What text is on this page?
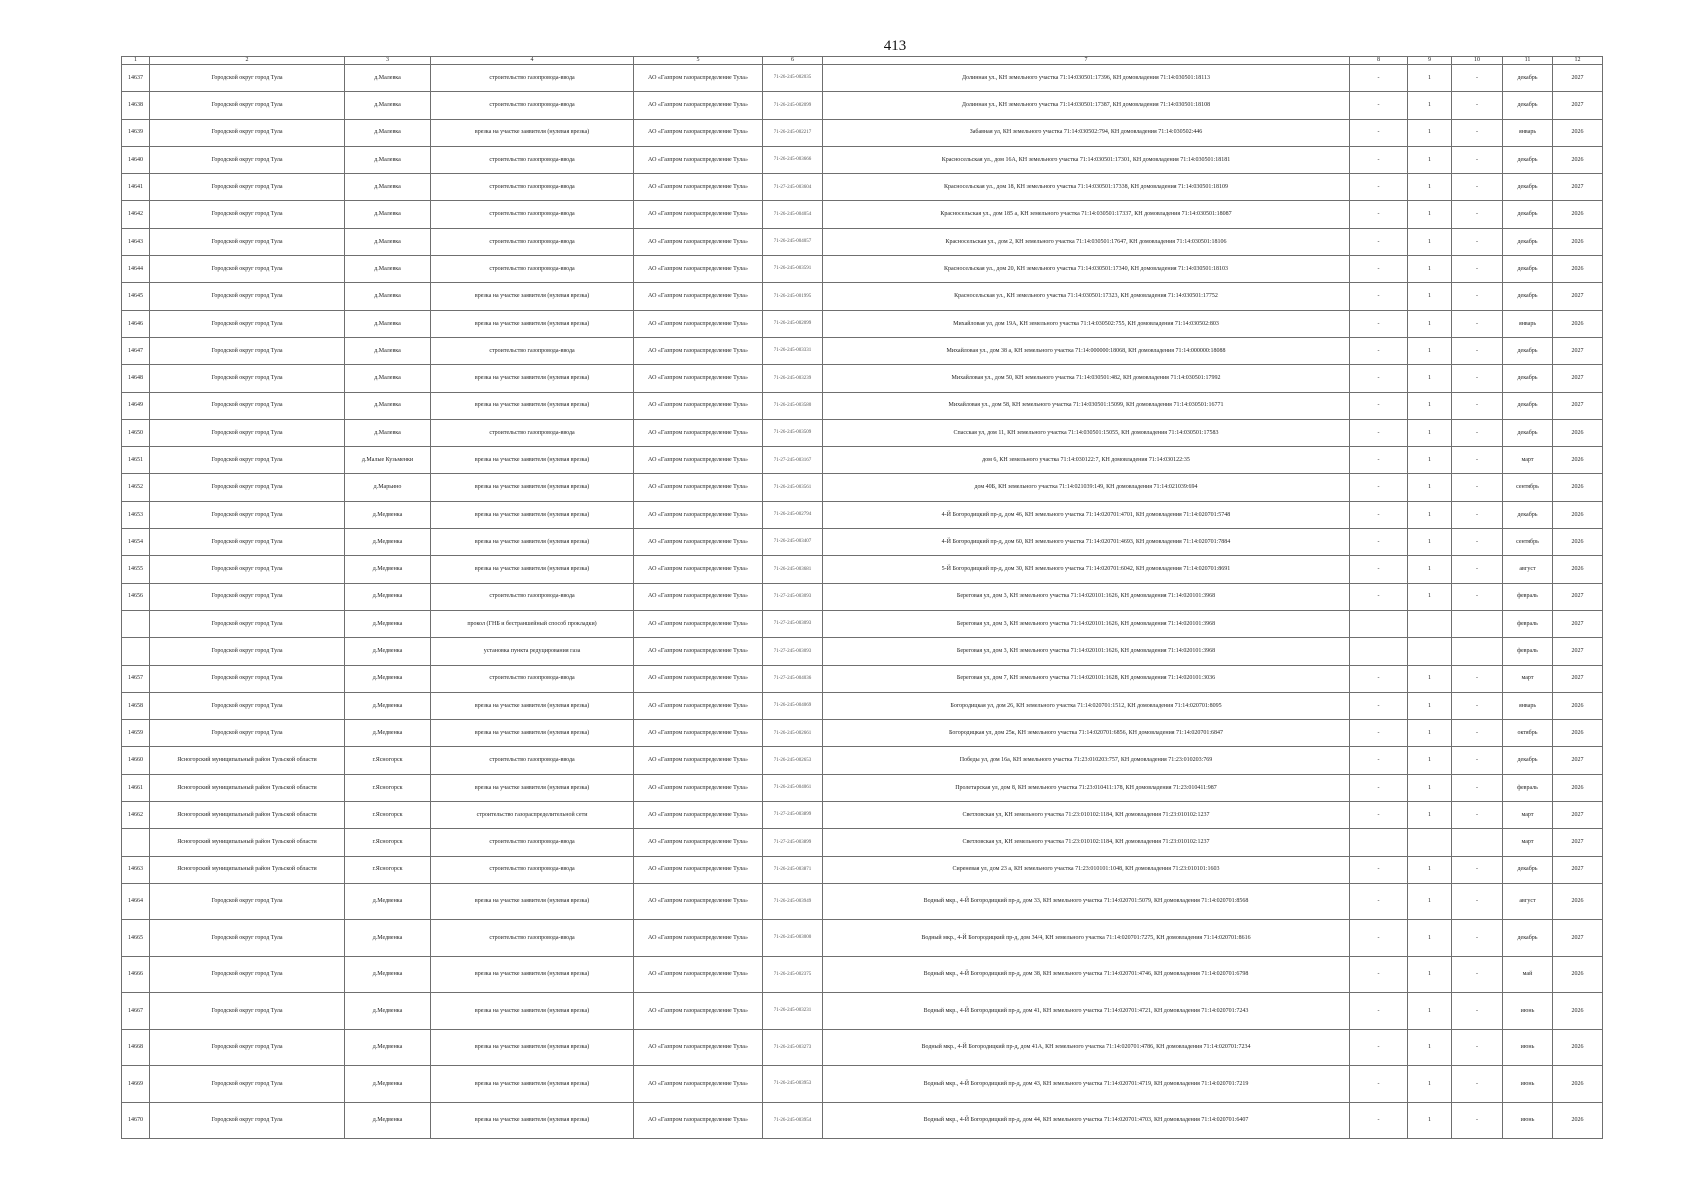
413
1	2	3	4	5	6	7	8	9	10	11	12
14637	Городской округ город Тула	д.Малевка	строительство газопровода-ввода	АО «Газпром газораспределение Тула»	71-26-245-002035	Долинная ул., КН земельного участка 71:14:030501:17396, КН домовладения 71:14:030501:18113	-	1	-	декабрь	2027
14638	Городской округ город Тула	д.Малевка	строительство газопровода-ввода	АО «Газпром газораспределение Тула»	71-26-245-002099	Долинная ул., КН земельного участка 71:14:030501:17387, КН домовладения 71:14:030501:18108	-	1	-	декабрь	2027
14639	Городской округ город Тула	д.Малевка	врезка на участке заявителя (нулевая врезка)	АО «Газпром газораспределение Тула»	71-26-245-002217	Забавная ул, КН земельного участка 71:14:030502:794, КН домовладения 71:14:030502:446	-	1	-	январь	2026
14640	Городской округ город Тула	д.Малевка	строительство газопровода-ввода	АО «Газпром газораспределение Тула»	71-26-245-003666	Красносельская ул., дом 16А, КН земельного участка 71:14:030501:17301, КН домовладения 71:14:030501:18181	-	1	-	декабрь	2026
14641	Городской округ город Тула	д.Малевка	строительство газопровода-ввода	АО «Газпром газораспределение Тула»	71-27-245-003604	Красносельская ул., дом 18, КН земельного участка 71:14:030501:17338, КН домовладения 71:14:030501:18109	-	1	-	декабрь	2027
14642	Городской округ город Тула	д.Малевка	строительство газопровода-ввода	АО «Газпром газораспределение Тула»	71-26-245-004054	Красносельская ул., дом 185 а, КН земельного участка 71:14:030501:17337, КН домовладения 71:14:030501:18087	-	1	-	декабрь	2026
14643	Городской округ город Тула	д.Малевка	строительство газопровода-ввода	АО «Газпром газораспределение Тула»	71-26-245-004057	Красносельская ул., дом 2, КН земельного участка 71:14:030501:17647, КН домовладения 71:14:030501:18106	-	1	-	декабрь	2026
14644	Городской округ город Тула	д.Малевка	строительство газопровода-ввода	АО «Газпром газораспределение Тула»	71-26-245-003591	Красносельская ул., дом 20, КН земельного участка 71:14:030501:17340, КН домовладения 71:14:030501:18103	-	1	-	декабрь	2026
14645	Городской округ город Тула	д.Малевка	врезка на участке заявителя (нулевая врезка)	АО «Газпром газораспределение Тула»	71-26-245-001995	Красносельская ул., КН земельного участка 71:14:030501:17323, КН домовладения 71:14:030501:17752	-	1	-	декабрь	2027
14646	Городской округ город Тула	д.Малевка	врезка на участке заявителя (нулевая врезка)	АО «Газпром газораспределение Тула»	71-26-245-002099	Михайловая ул, дом 19А, КН земельного участка 71:14:030502:755, КН домовладения 71:14:030502:803	-	1	-	январь	2026
14647	Городской округ город Тула	д.Малевка	строительство газопровода-ввода	АО «Газпром газораспределение Тула»	71-26-245-003331	Михайловая ул., дом 38 а, КН земельного участка 71:14:000000:18068, КН домовладения 71:14:000000:18088	-	1	-	декабрь	2027
14648	Городской округ город Тула	д.Малевка	врезка на участке заявителя (нулевая врезка)	АО «Газпром газораспределение Тула»	71-26-245-003239	Михайловая ул., дом 50, КН земельного участка 71:14:030501:482, КН домовладения 71:14:030501:17992	-	1	-	декабрь	2027
14649	Городской округ город Тула	д.Малевка	врезка на участке заявителя (нулевая врезка)	АО «Газпром газораспределение Тула»	71-26-245-003580	Михайловая ул., дом 58, КН земельного участка 71:14:030501:15099, КН домовладения 71:14:030501:16771	-	1	-	декабрь	2027
14650	Городской округ город Тула	д.Малевка	строительство газопровода-ввода	АО «Газпром газораспределение Тула»	71-26-245-003509	Спасская ул, дом 11, КН земельного участка 71:14:030501:15055, КН домовладения 71:14:030501:17583	-	1	-	декабрь	2026
14651	Городской округ город Тула	д.Малые Кузьменки	врезка на участке заявителя (нулевая врезка)	АО «Газпром газораспределение Тула»	71-27-245-003167	дом 6, КН земельного участка 71:14:030122:7, КН домовладения 71:14:030122:35	-	1	-	март	2026
14652	Городской округ город Тула	д.Марьино	врезка на участке заявителя (нулевая врезка)	АО «Газпром газораспределение Тула»	71-26-245-003561	дом 40Б, КН земельного участка 71:14:021039:149, КН домовладения 71:14:021039:694	-	1	-	сентябрь	2026
14653	Городской округ город Тула	д.Медвенка	врезка на участке заявителя (нулевая врезка)	АО «Газпром газораспределение Тула»	71-26-245-002794	4-Й Богородицкий пр-д, дом 46, КН земельного участка 71:14:020701:4701, КН домовладения 71:14:020701:5748	-	1	-	декабрь	2026
14654	Городской округ город Тула	д.Медвенка	врезка на участке заявителя (нулевая врезка)	АО «Газпром газораспределение Тула»	71-26-245-003407	4-Й Богородицкий пр-д, дом 60, КН земельного участка 71:14:020701:4693, КН домовладения 71:14:020701:7884	-	1	-	сентябрь	2026
14655	Городской округ город Тула	д.Медвенка	врезка на участке заявителя (нулевая врезка)	АО «Газпром газораспределение Тула»	71-26-245-003681	5-Й Богородицкий пр-д, дом 30, КН земельного участка 71:14:020701:6042, КН домовладения 71:14:020701:8691	-	1	-	август	2026
14656	Городской округ город Тула	д.Медвенка	строительство газопровода-ввода	АО «Газпром газораспределение Тула»	71-27-245-003093	Береговая ул, дом 3, КН земельного участка 71:14:020101:1626, КН домовладения 71:14:020101:3968	-	1	-	февраль	2027
	Городской округ город Тула	д.Медвенка	прокол (ГНБ и бестраншейный способ прокладки)	АО «Газпром газораспределение Тула»	71-27-245-003093	Береговая ул, дом 3, КН земельного участка 71:14:020101:1626, КН домовладения 71:14:020101:3968				февраль	2027
	Городской округ город Тула	д.Медвенка	установка пункта редуцирования газа	АО «Газпром газораспределение Тула»	71-27-245-003093	Береговая ул, дом 3, КН земельного участка 71:14:020101:1626, КН домовладения 71:14:020101:3968				февраль	2027
14657	Городской округ город Тула	д.Медвенка	строительство газопровода-ввода	АО «Газпром газораспределение Тула»	71-27-245-004036	Береговая ул, дом 7, КН земельного участка 71:14:020101:1628, КН домовладения 71:14:020101:3036	-	1	-	март	2027
14658	Городской округ город Тула	д.Медвенка	врезка на участке заявителя (нулевая врезка)	АО «Газпром газораспределение Тула»	71-26-245-004069	Богородицкая ул, дом 26, КН земельного участка 71:14:020701:1512, КН домовладения 71:14:020701:8095	-	1	-	январь	2026
14659	Городской округ город Тула	д.Медвенка	врезка на участке заявителя (нулевая врезка)	АО «Газпром газораспределение Тула»	71-26-245-002661	Богородицкая ул, дом 25к, КН земельного участка 71:14:020701:6856, КН домовладения 71:14:020701:6847	-	1	-	октябрь	2026
14660	Ясногорский муниципальный район Тульской области	г.Ясногорск	строительство газопровода-ввода	АО «Газпром газораспределение Тула»	71-26-245-002653	Победы ул, дом 16а, КН земельного участка 71:23:010203:757, КН домовладения 71:23:010203:769	-	1	-	декабрь	2027
14661	Ясногорский муниципальный район Тульской области	г.Ясногорск	врезка на участке заявителя (нулевая врезка)	АО «Газпром газораспределение Тула»	71-26-245-004061	Пролетарская ул, дом 8, КН земельного участка 71:23:010411:178, КН домовладения 71:23:010411:987	-	1	-	февраль	2026
14662	Ясногорский муниципальный район Тульской области	г.Ясногорск	строительство газораспределительной сети	АО «Газпром газораспределение Тула»	71-27-245-003899	Светловская ул, КН земельного участка 71:23:010102:1184, КН домовладения 71:23:010102:1237	-	1	-	март	2027
	Ясногорский муниципальный район Тульской области	г.Ясногорск	строительство газопровода-ввода	АО «Газпром газораспределение Тула»	71-27-245-003899	Светловская ул, КН земельного участка 71:23:010102:1184, КН домовладения 71:23:010102:1237				март	2027
14663	Ясногорский муниципальный район Тульской области	г.Ясногорск	строительство газопровода-ввода	АО «Газпром газораспределение Тула»	71-26-245-003871	Сиреневая ул, дом 23 а, КН земельного участка 71:23:010101:1048, КН домовладения 71:23:010101:1603	-	1	-	декабрь	2027
14664	Городской округ город Тула	д.Медвенка	врезка на участке заявителя (нулевая врезка)	АО «Газпром газораспределение Тула»	71-26-245-003949	Водный мкр., 4-Й Богородицкий пр-д, дом 33, КН земельного участка 71:14:020701:5079, КН домовладения 71:14:020701:8568	-	1	-	август	2026
14665	Городской округ город Тула	д.Медвенка	строительство газопровода-ввода	АО «Газпром газораспределение Тула»	71-26-245-003000	Водный мкр., 4-Й Богородицкий пр-д, дом 34/4, КН земельного участка 71:14:020701:7275, КН домовладения 71:14:020701:8616	-	1	-	декабрь	2027
14666	Городской округ город Тула	д.Медвенка	врезка на участке заявителя (нулевая врезка)	АО «Газпром газораспределение Тула»	71-26-245-002375	Водный мкр., 4-Й Богородицкий пр-д, дом 38, КН земельного участка 71:14:020701:4746, КН домовладения 71:14:020701:6798	-	1	-	май	2026
14667	Городской округ город Тула	д.Медвенка	врезка на участке заявителя (нулевая врезка)	АО «Газпром газораспределение Тула»	71-26-245-003231	Водный мкр., 4-Й Богородицкий пр-д, дом 41, КН земельного участка 71:14:020701:4721, КН домовладения 71:14:020701:7243	-	1	-	июнь	2026
14668	Городской округ город Тула	д.Медвенка	врезка на участке заявителя (нулевая врезка)	АО «Газпром газораспределение Тула»	71-26-245-003273	Водный мкр., 4-Й Богородицкий пр-д, дом 41А, КН земельного участка 71:14:020701:4786, КН домовладения 71:14:020701:7234	-	1	-	июнь	2026
14669	Городской округ город Тула	д.Медвенка	врезка на участке заявителя (нулевая врезка)	АО «Газпром газораспределение Тула»	71-26-245-003953	Водный мкр., 4-Й Богородицкий пр-д, дом 43, КН земельного участка 71:14:020701:4719, КН домовладения 71:14:020701:7219	-	1	-	июнь	2026
14670	Городской округ город Тула	д.Медвенка	врезка на участке заявителя (нулевая врезка)	АО «Газпром газораспределение Тула»	71-26-245-003954	Водный мкр., 4-Й Богородицкий пр-д, дом 44, КН земельного участка 71:14:020701:4703, КН домовладения 71:14:020701:6407	-	1	-	июнь	2026
